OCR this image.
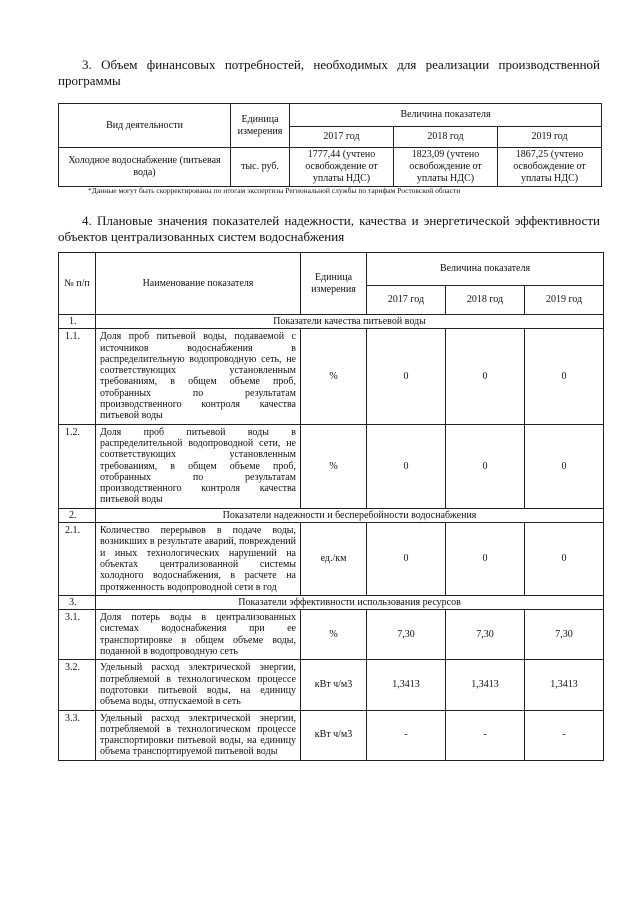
3. Объем финансовых потребностей, необходимых для реализации производственной программы
Вид деятельности	Единица измерения	Величина показателя		
		2017 год	2018 год	2019 год
Холодное водоснабжение (питьевая вода)	тыс. руб.	1777,44 (учтено освобождение от уплаты НДС)	1823,09 (учтено освобождение от уплаты НДС)	1867,25 (учтено освобождение от уплаты НДС)
*Данные могут быть скорректированы по итогам экспертизы Региональной службы по тарифам Ростовской области
4. Плановые значения показателей надежности, качества и энергетической эффективности объектов централизованных систем водоснабжения
№ п/п	Наименование показателя	Единица измерения	Величина показателя		
			2017 год	2018 год	2019 год
1.	Показатели качества питьевой воды				
1.1.	Доля проб питьевой воды, подаваемой с источников водоснабжения в распределительную водопроводную сеть, не соответствующих установленным требованиям, в общем объеме проб, отобранных по результатам производственного контроля качества питьевой воды	%	0	0	0
1.2.	Доля проб питьевой воды в распределительной водопроводной сети, не соответствующих установленным требованиям, в общем объеме проб, отобранных по результатам производственного контроля качества питьевой воды	%	0	0	0
2.	Показатели надежности и бесперебойности водоснабжения				
2.1.	Количество перерывов в подаче воды, возникших в результате аварий, повреждений и иных технологических нарушений на объектах централизованной системы холодного водоснабжения, в расчете на протяженность водопроводной сети в год	ед./км	0	0	0
3.	Показатели эффективности использования ресурсов				
3.1.	Доля потерь воды в централизованных системах водоснабжения при ее транспортировке в общем объеме воды, поданной в водопроводную сеть	%	7,30	7,30	7,30
3.2.	Удельный расход электрической энергии, потребляемой в технологическом процессе подготовки питьевой воды, на единицу объема воды, отпускаемой в сеть	кВт ч/м3	1,3413	1,3413	1,3413
3.3.	Удельный расход электрической энергии, потребляемой в технологическом процессе транспортировки питьевой воды, на единицу объема транспортируемой питьевой воды	кВт ч/м3	-	-	-
